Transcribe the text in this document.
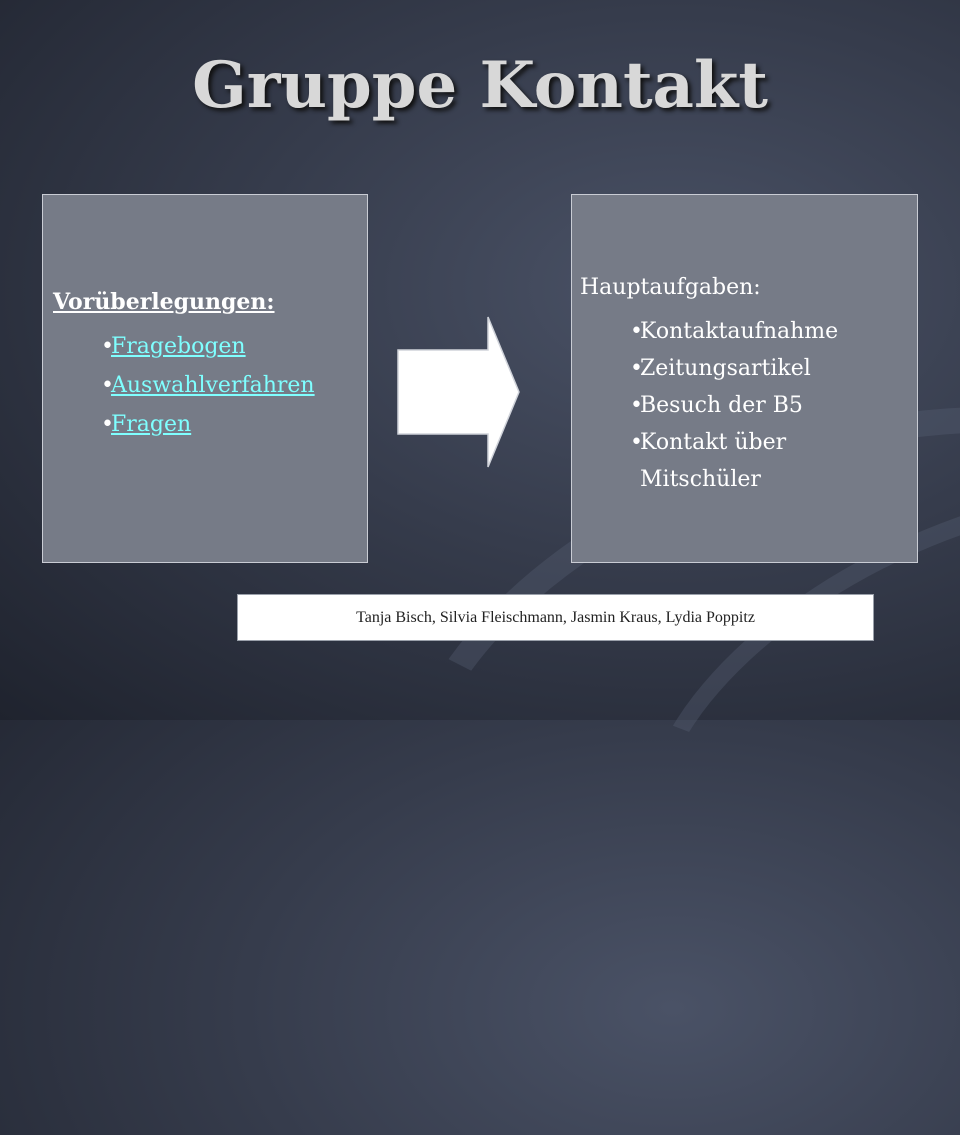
Gruppe Kontakt
Vorüberlegungen:
•Fragebogen
•Auswahlverfahren
•Fragen
Hauptaufgaben:
•Kontaktaufnahme
•Zeitungsartikel
•Besuch der B5
•Kontakt über
Mitschüler
Tanja Bisch, Silvia Fleischmann, Jasmin Kraus, Lydia Poppitz
